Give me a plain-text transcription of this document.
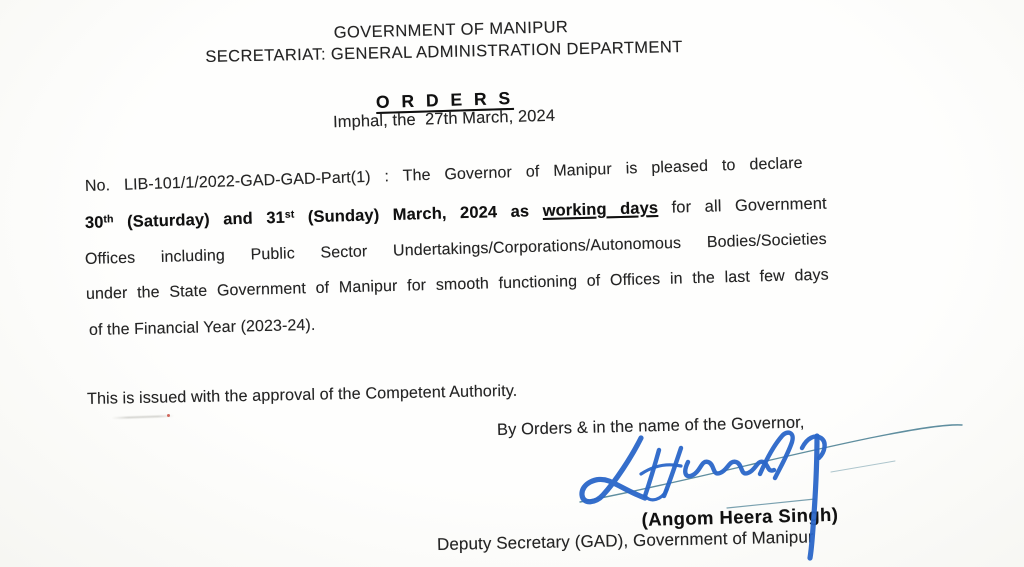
GOVERNMENT OF MANIPUR
SECRETARIAT: GENERAL ADMINISTRATION DEPARTMENT
O R D E R S
Imphal, the  27th March, 2024
No. LIB-101/1/2022-GAD-GAD-Part(1) : The Governor of Manipur is pleased to declare
30th (Saturday) and 31st (Sunday) March, 2024 as working days for all Government
Offices including Public Sector Undertakings/Corporations/Autonomous Bodies/Societies
under the State Government of Manipur for smooth functioning of Offices in the last few days
of the Financial Year (2023-24).
This is issued with the approval of the Competent Authority.
By Orders & in the name of the Governor,
(Angom Heera Singh)
Deputy Secretary (GAD), Government of Manipur
